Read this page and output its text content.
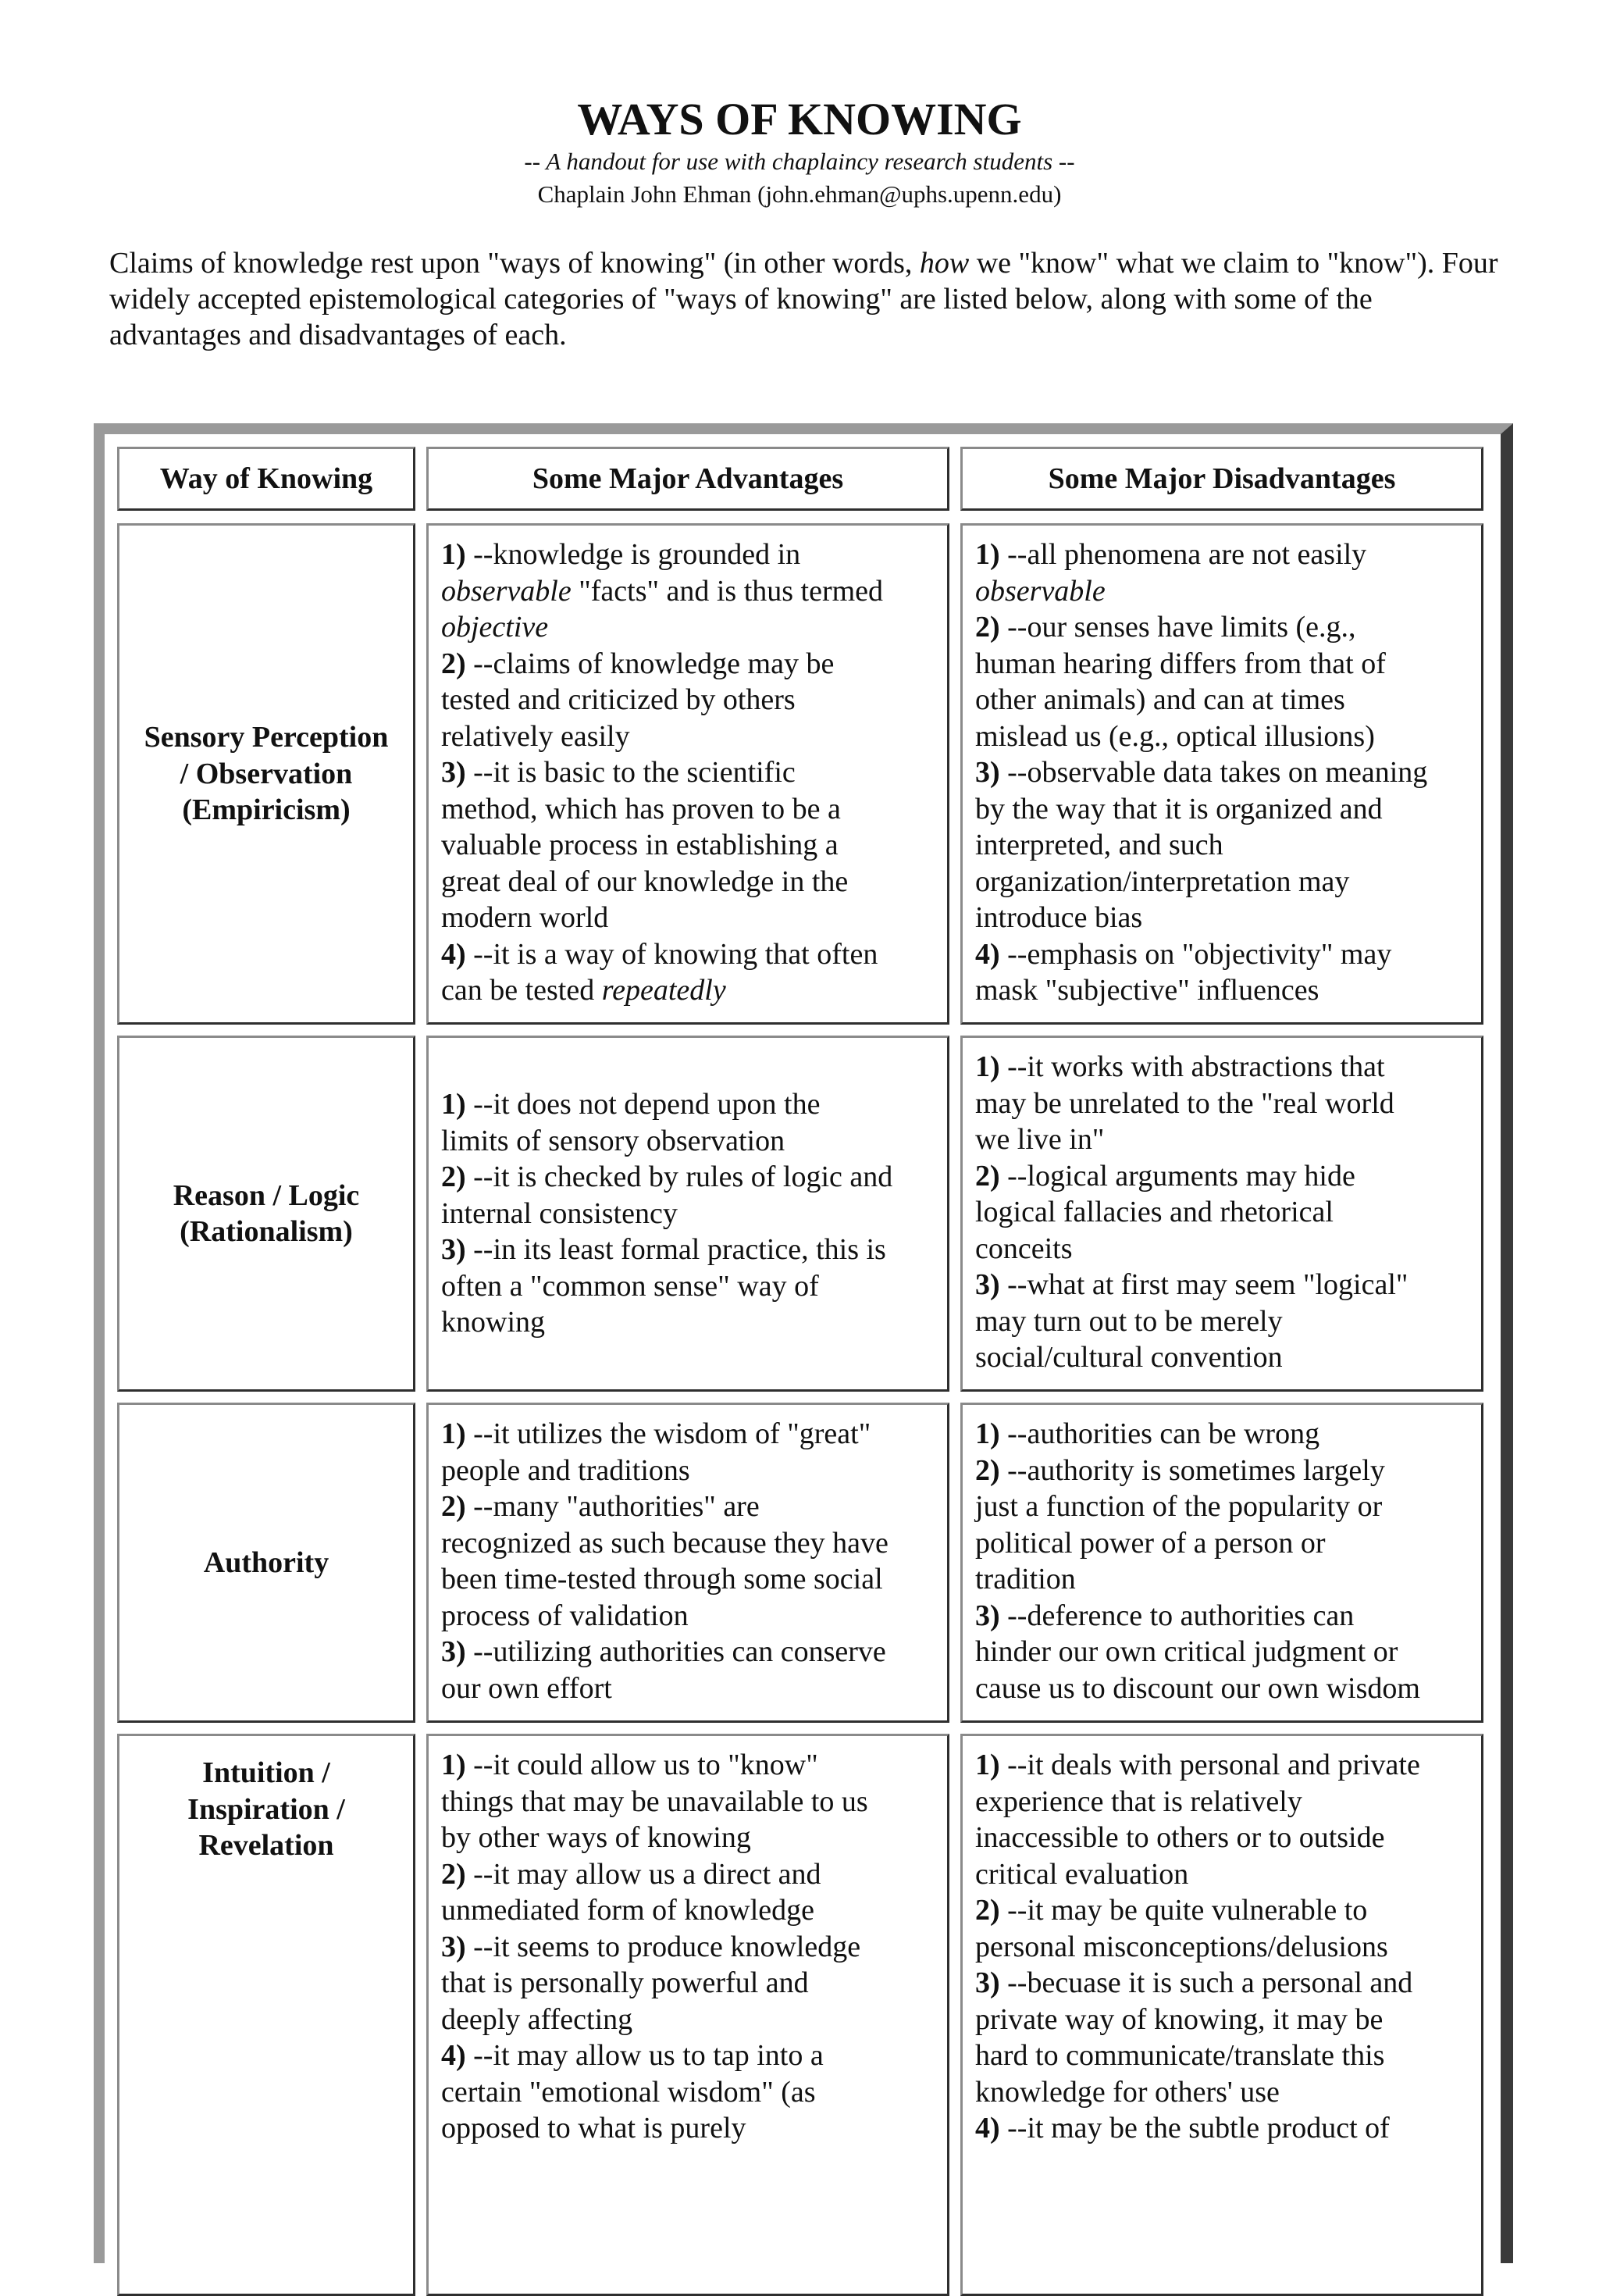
WAYS OF KNOWING
-- A handout for use with chaplaincy research students --
Chaplain John Ehman (john.ehman@uphs.upenn.edu)

Claims of knowledge rest upon "ways of knowing" (in other words, how we "know" what we claim to "know"). Four widely accepted epistemological categories of "ways of knowing" are listed below, along with some of the advantages and disadvantages of each.

Way of Knowing	Some Major Advantages	Some Major Disadvantages
Sensory Perception
/ Observation
(Empiricism)
1) --knowledge is grounded in
observable "facts" and is thus termed
objective
2) --claims of knowledge may be
tested and criticized by others
relatively easily
3) --it is basic to the scientific
method, which has proven to be a
valuable process in establishing a
great deal of our knowledge in the
modern world
4) --it is a way of knowing that often
can be tested repeatedly
1) --all phenomena are not easily
observable
2) --our senses have limits (e.g.,
human hearing differs from that of
other animals) and can at times
mislead us (e.g., optical illusions)
3) --observable data takes on meaning
by the way that it is organized and
interpreted, and such
organization/interpretation may
introduce bias
4) --emphasis on "objectivity" may
mask "subjective" influences
Reason / Logic
(Rationalism)
1) --it does not depend upon the
limits of sensory observation
2) --it is checked by rules of logic and
internal consistency
3) --in its least formal practice, this is
often a "common sense" way of
knowing
1) --it works with abstractions that
may be unrelated to the "real world
we live in"
2) --logical arguments may hide
logical fallacies and rhetorical
conceits
3) --what at first may seem "logical"
may turn out to be merely
social/cultural convention
Authority
1) --it utilizes the wisdom of "great"
people and traditions
2) --many "authorities" are
recognized as such because they have
been time-tested through some social
process of validation
3) --utilizing authorities can conserve
our own effort
1) --authorities can be wrong
2) --authority is sometimes largely
just a function of the popularity or
political power of a person or
tradition
3) --deference to authorities can
hinder our own critical judgment or
cause us to discount our own wisdom
Intuition /
Inspiration /
Revelation
1) --it could allow us to "know"
things that may be unavailable to us
by other ways of knowing
2) --it may allow us a direct and
unmediated form of knowledge
3) --it seems to produce knowledge
that is personally powerful and
deeply affecting
4) --it may allow us to tap into a
certain "emotional wisdom" (as
opposed to what is purely
1) --it deals with personal and private
experience that is relatively
inaccessible to others or to outside
critical evaluation
2) --it may be quite vulnerable to
personal misconceptions/delusions
3) --becuase it is such a personal and
private way of knowing, it may be
hard to communicate/translate this
knowledge for others' use
4) --it may be the subtle product of
